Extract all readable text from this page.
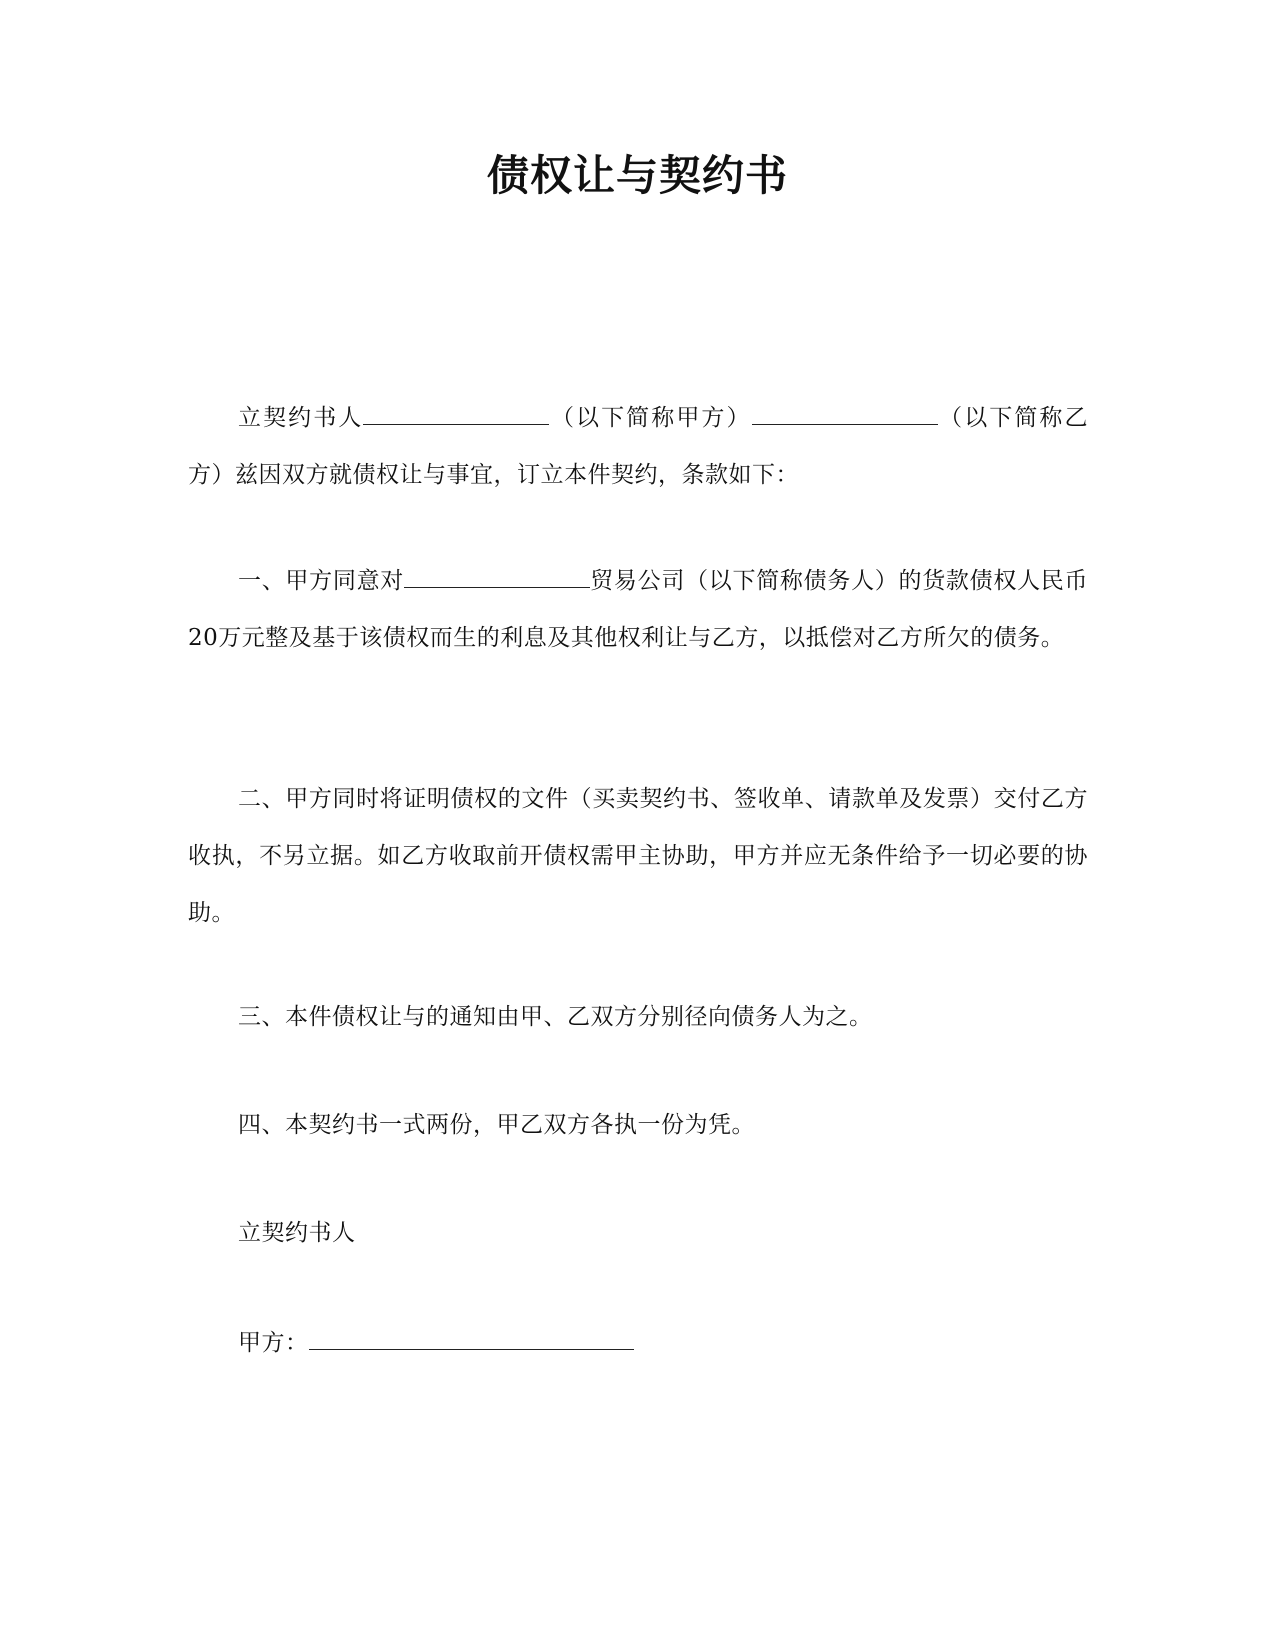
债权让与契约书
立契约书人	（以下简称甲方）	（以下简称乙方）兹因双方就债权让与事宜，订立本件契约，条款如下：
一、甲方同意对	贸易公司（以下简称债务人）的货款债权人民币20万元整及基于该债权而生的利息及其他权利让与乙方，以抵偿对乙方所欠的债务。
二、甲方同时将证明债权的文件（买卖契约书、签收单、请款单及发票）交付乙方收执，不另立据。如乙方收取前开债权需甲主协助，甲方并应无条件给予一切必要的协助。
三、本件债权让与的通知由甲、乙双方分别径向债务人为之。
四、本契约书一式两份，甲乙双方各执一份为凭。
立契约书人
甲方：
